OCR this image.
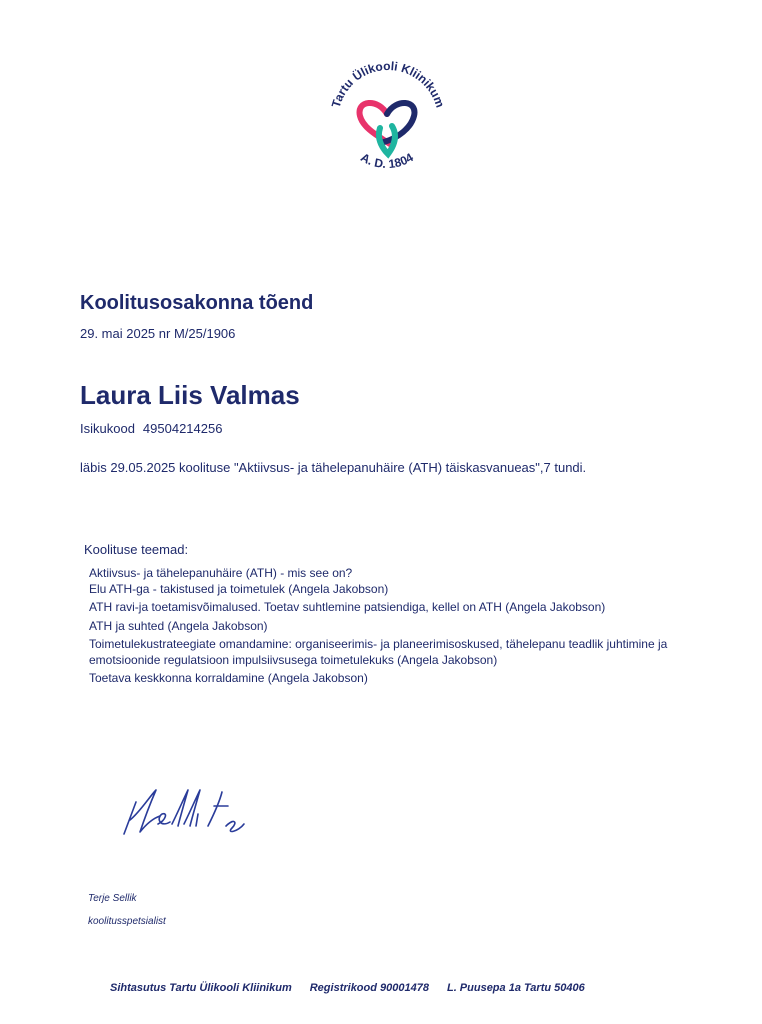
Tartu Ülikooli Kliinikum
A. D. 1804
Koolitusosakonna tõend
29. mai 2025 nr M/25/1906
Laura Liis Valmas
Isikukood 49504214256
läbis 29.05.2025 koolituse "Aktiivsus- ja tähelepanuhäire (ATH) täiskasvanueas",7 tundi.
Koolituse teemad:
Aktiivsus- ja tähelepanuhäire (ATH) - mis see on?
Elu ATH-ga - takistused ja toimetulek (Angela Jakobson)
ATH ravi-ja toetamisvõimalused. Toetav suhtlemine patsiendiga, kellel on ATH (Angela Jakobson)
ATH ja suhted (Angela Jakobson)
Toimetulekustrateegiate omandamine: organiseerimis- ja planeerimisoskused, tähelepanu teadlik juhtimine ja emotsioonide regulatsioon impulsiivsusega toimetulekuks (Angela Jakobson)
Toetava keskkonna korraldamine (Angela Jakobson)
Terje Sellik
koolitusspetsialist
Sihtasutus Tartu Ülikooli Kliinikum Registrikood 90001478 L. Puusepa 1a Tartu 50406
